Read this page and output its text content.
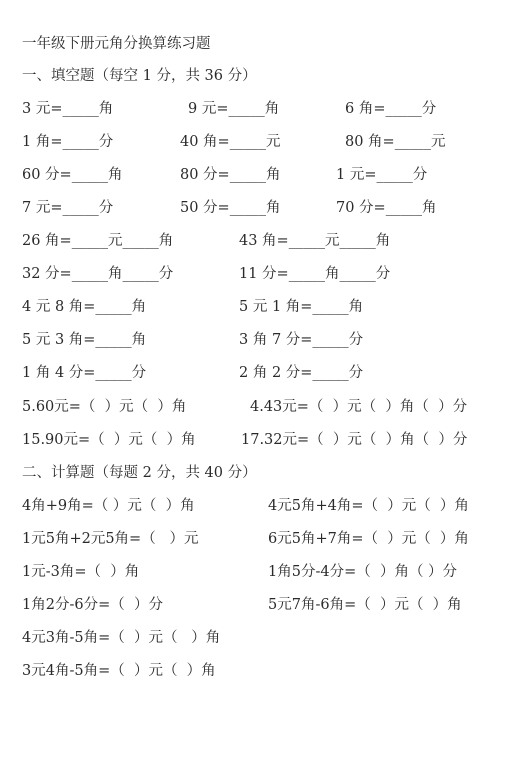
一年级下册元角分换算练习题
一、填空题（每空 1 分，共 36 分）
3 元=_____角	9 元=_____角	6 角=_____分
1 角=_____分	40 角=_____元	80 角=_____元
60 分=_____角	80 分=_____角	1 元=_____分
7 元=_____分	50 分=_____角	70 分=_____角
26 角=_____元_____角	43 角=_____元_____角
32 分=_____角_____分	11 分=_____角_____分
4 元 8 角=_____角	5 元 1 角=_____角
5 元 3 角=_____角	3 角 7 分=_____分
1 角 4 分=_____分	2 角 2 分=_____分
5.60元=（  ）元（  ）角	4.43元=（  ）元（  ）角（  ）分
15.90元=（  ）元（  ）角	17.32元=（  ）元（  ）角（  ）分
二、计算题（每题 2 分，共 40 分）
4角+9角=（ ）元（  ）角	4元5角+4角=（  ）元（  ）角
1元5角+2元5角=（   ）元	6元5角+7角=（  ）元（  ）角
1元-3角=（  ）角	1角5分-4分=（  ）角（ ）分
1角2分-6分=（  ）分	5元7角-6角=（  ）元（  ）角
4元3角-5角=（  ）元（   ）角
3元4角-5角=（  ）元（  ）角
